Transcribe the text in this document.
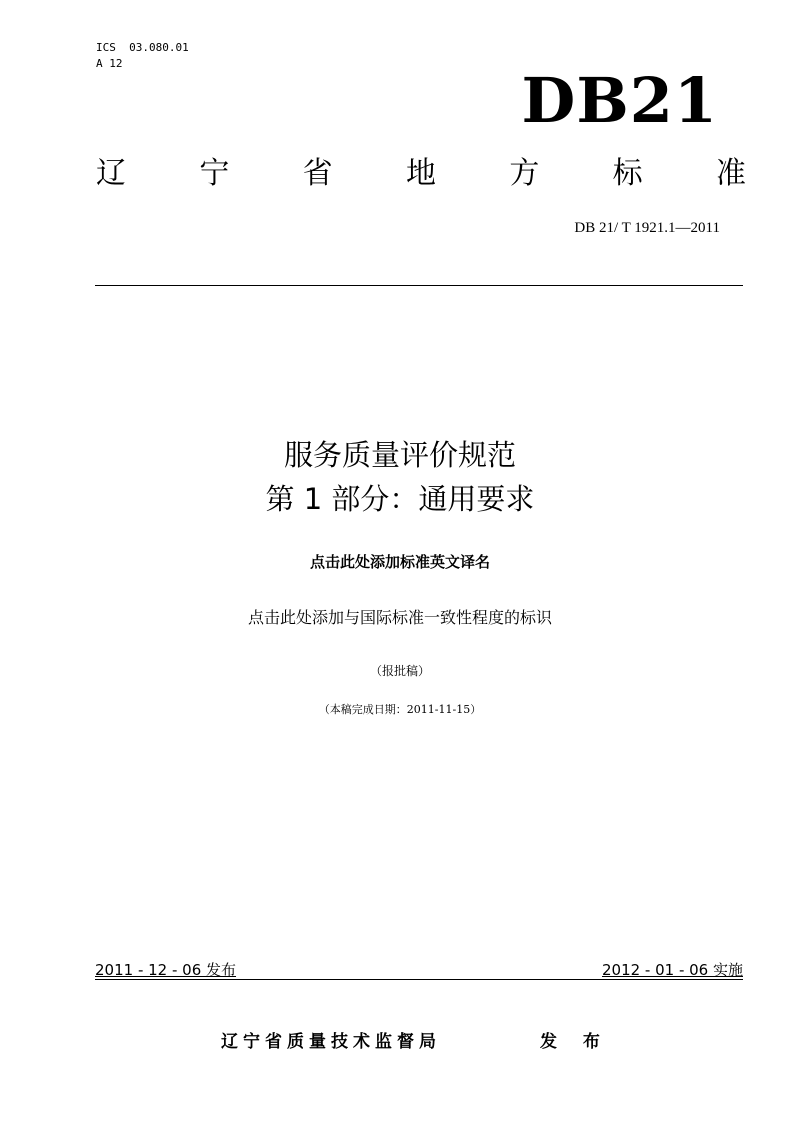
ICS  03.080.01
A 12
DB21
辽 宁 省 地 方 标 准
DB 21/ T 1921.1—2011
服务质量评价规范
第 1 部分：通用要求
点击此处添加标准英文译名
点击此处添加与国际标准一致性程度的标识
（报批稿）
（本稿完成日期：2011-11-15）
2011 - 12 - 06 发布	2012 - 01 - 06 实施
辽宁省质量技术监督局	发 布
